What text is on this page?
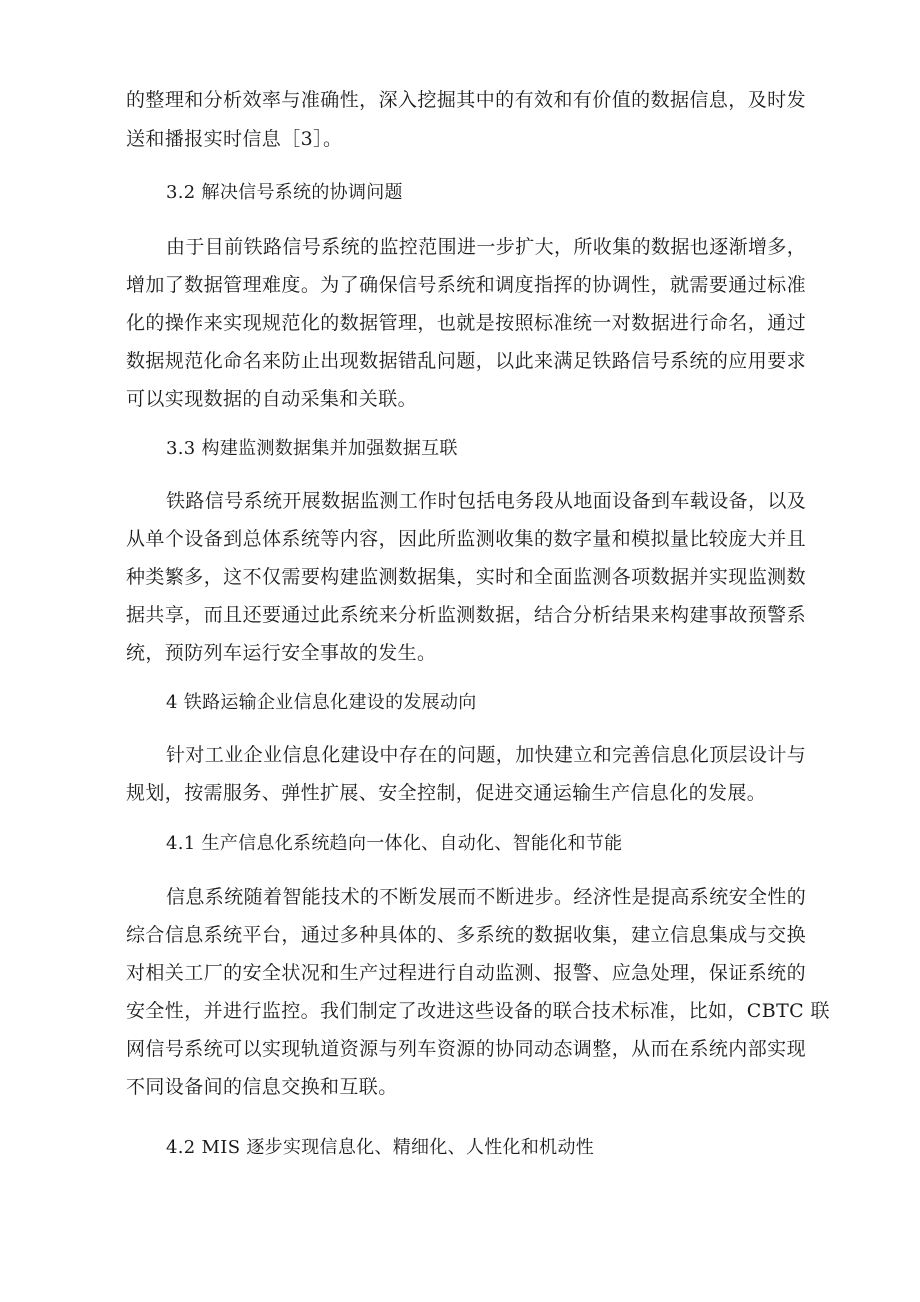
的整理和分析效率与准确性，深入挖掘其中的有效和有价值的数据信息，及时发
送和播报实时信息［3］。
3.2 解决信号系统的协调问题
由于目前铁路信号系统的监控范围进一步扩大，所收集的数据也逐渐增多，
增加了数据管理难度。为了确保信号系统和调度指挥的协调性，就需要通过标准
化的操作来实现规范化的数据管理，也就是按照标准统一对数据进行命名，通过
数据规范化命名来防止出现数据错乱问题，以此来满足铁路信号系统的应用要求
可以实现数据的自动采集和关联。
3.3 构建监测数据集并加强数据互联
铁路信号系统开展数据监测工作时包括电务段从地面设备到车载设备，以及
从单个设备到总体系统等内容，因此所监测收集的数字量和模拟量比较庞大并且
种类繁多，这不仅需要构建监测数据集，实时和全面监测各项数据并实现监测数
据共享，而且还要通过此系统来分析监测数据，结合分析结果来构建事故预警系
统，预防列车运行安全事故的发生。
4 铁路运输企业信息化建设的发展动向
针对工业企业信息化建设中存在的问题，加快建立和完善信息化顶层设计与
规划，按需服务、弹性扩展、安全控制，促进交通运输生产信息化的发展。
4.1 生产信息化系统趋向一体化、自动化、智能化和节能
信息系统随着智能技术的不断发展而不断进步。经济性是提高系统安全性的
综合信息系统平台，通过多种具体的、多系统的数据收集，建立信息集成与交换
对相关工厂的安全状况和生产过程进行自动监测、报警、应急处理，保证系统的
安全性，并进行监控。我们制定了改进这些设备的联合技术标准，比如，CBTC 联
网信号系统可以实现轨道资源与列车资源的协同动态调整，从而在系统内部实现
不同设备间的信息交换和互联。
4.2 MIS 逐步实现信息化、精细化、人性化和机动性
